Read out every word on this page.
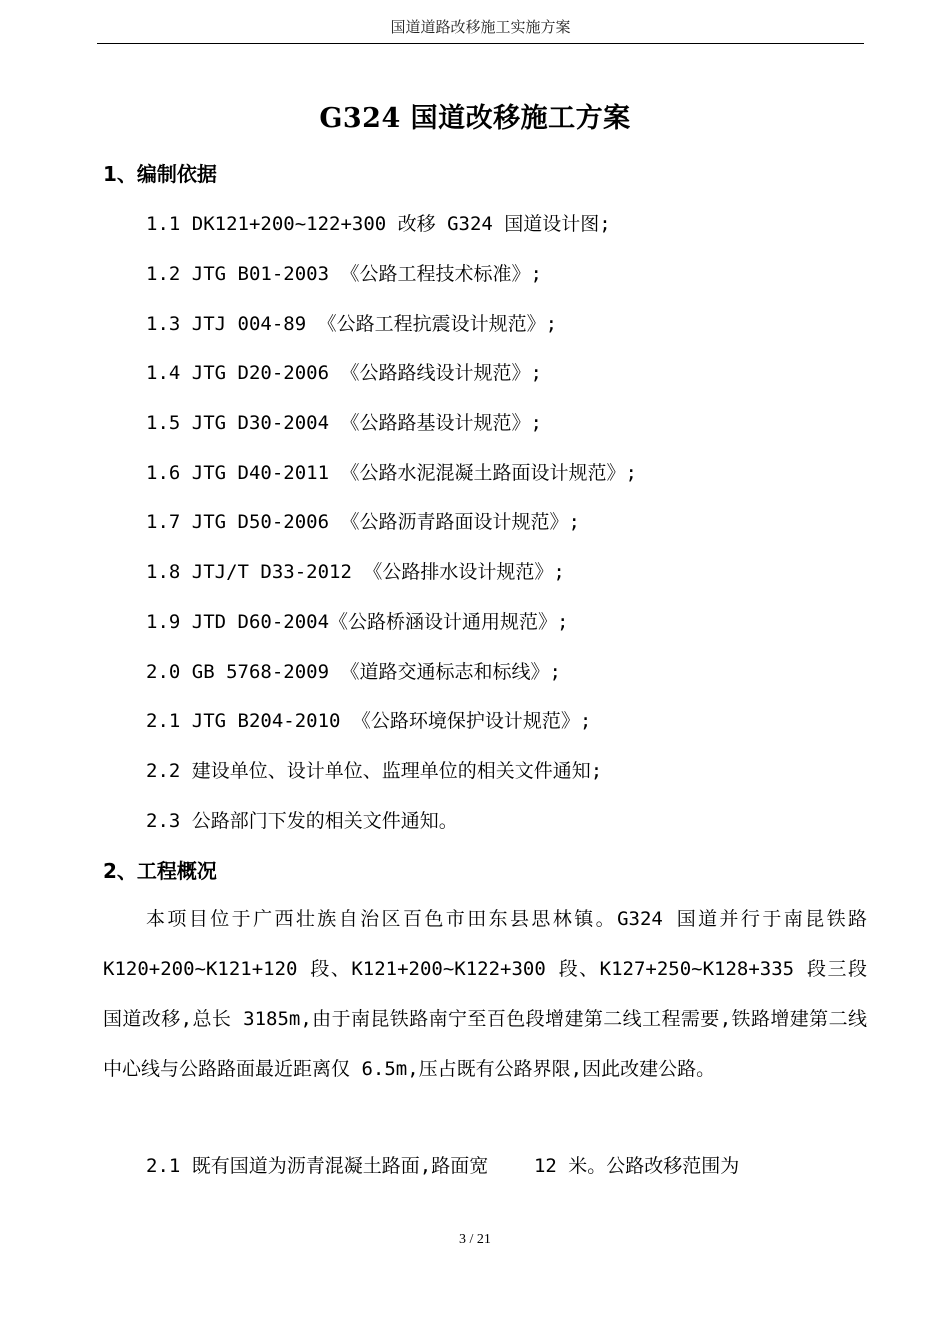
国道道路改移施工实施方案
G324 国道改移施工方案
1、编制依据
1.1 DK121+200~122+300 改移 G324 国道设计图;
1.2 JTG B01-2003 《公路工程技术标准》;
1.3 JTJ 004-89 《公路工程抗震设计规范》;
1.4 JTG D20-2006 《公路路线设计规范》;
1.5 JTG D30-2004 《公路路基设计规范》;
1.6 JTG D40-2011 《公路水泥混凝土路面设计规范》;
1.7 JTG D50-2006 《公路沥青路面设计规范》;
1.8 JTJ/T D33-2012 《公路排水设计规范》;
1.9 JTD D60-2004《公路桥涵设计通用规范》;
2.0 GB 5768-2009 《道路交通标志和标线》;
2.1 JTG B204-2010 《公路环境保护设计规范》;
2.2 建设单位、设计单位、监理单位的相关文件通知;
2.3 公路部门下发的相关文件通知。
2、工程概况
本项目位于广西壮族自治区百色市田东县思林镇。G324 国道并行于南昆铁路 K120+200~K121+120 段、K121+200~K122+300 段、K127+250~K128+335 段三段国道改移,总长 3185m,由于南昆铁路南宁至百色段增建第二线工程需要,铁路增建第二线中心线与公路路面最近距离仅 6.5m,压占既有公路界限,因此改建公路。
2.1 既有国道为沥青混凝土路面,路面宽    12 米。公路改移范围为
3 / 21
